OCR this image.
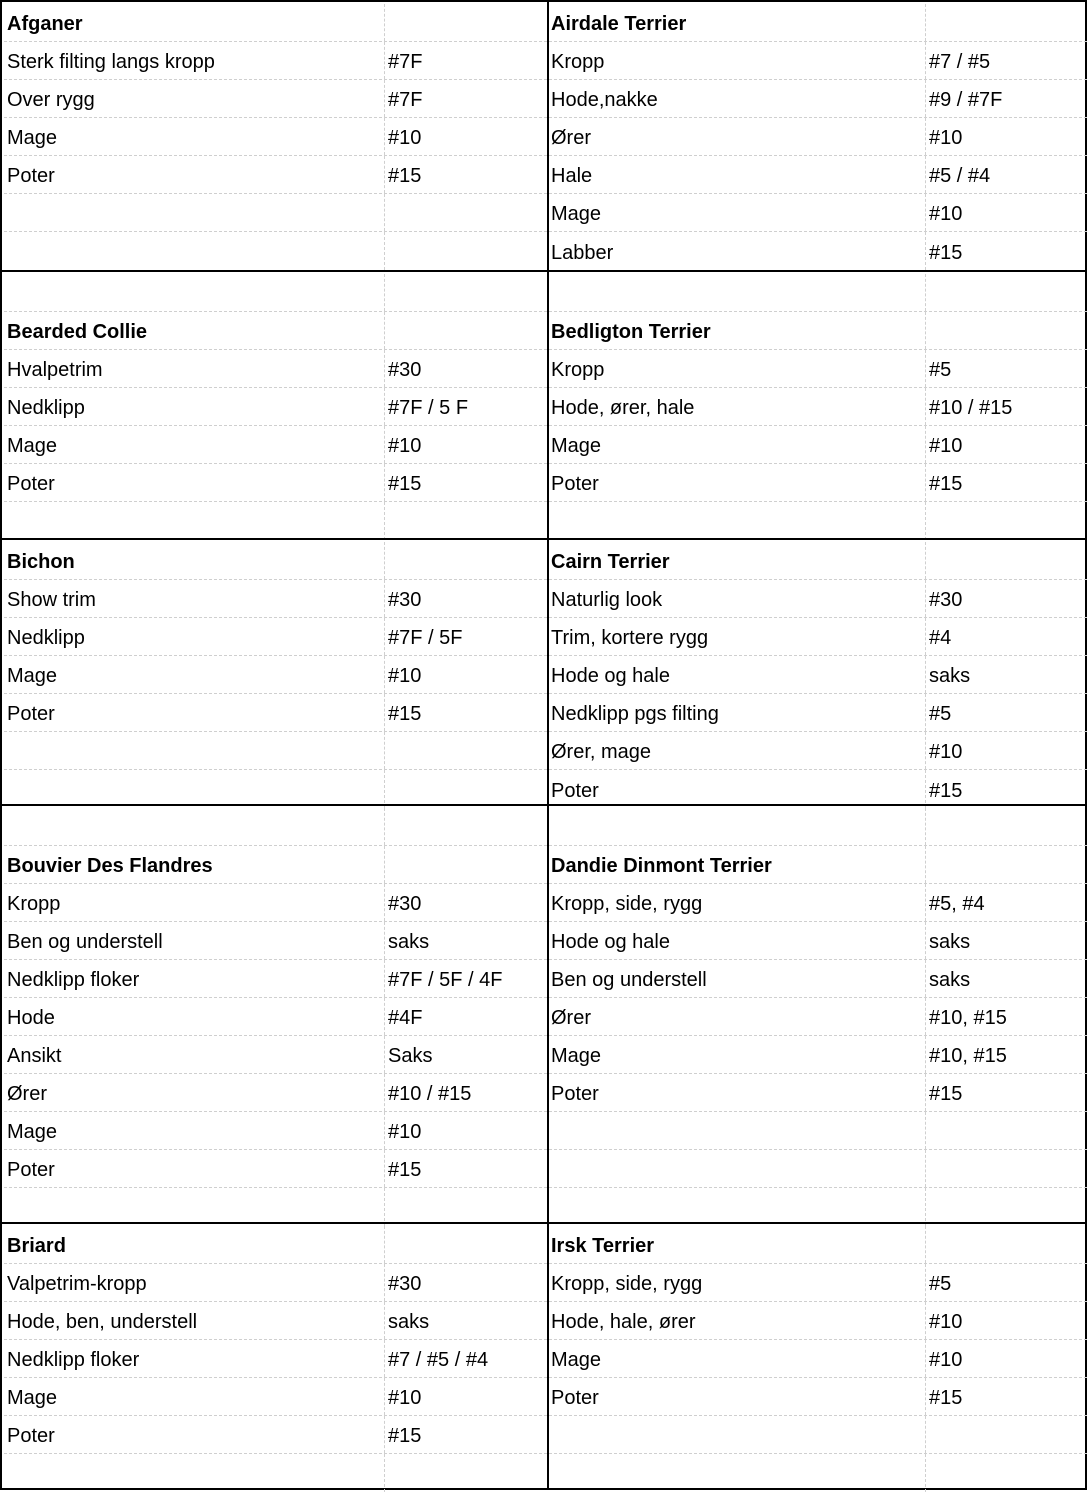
Afganer
Sterk filting langs kropp	#7F
Over rygg	#7F
Mage	#10
Poter	#15
Airdale Terrier
Kropp	#7 / #5
Hode,nakke	#9 / #7F
Ører	#10
Hale	#5 / #4
Mage	#10
Labber	#15
Bearded Collie
Hvalpetrim	#30
Nedklipp	#7F / 5 F
Mage	#10
Poter	#15
Bedligton Terrier
Kropp	#5
Hode, ører, hale	#10 / #15
Mage	#10
Poter	#15
Bichon
Show trim	#30
Nedklipp	#7F / 5F
Mage	#10
Poter	#15
Cairn Terrier
Naturlig look	#30
Trim, kortere rygg	#4
Hode og hale	saks
Nedklipp pgs filting	#5
Ører, mage	#10
Poter	#15
Bouvier Des Flandres
Kropp	#30
Ben og understell	saks
Nedklipp floker	#7F / 5F / 4F
Hode	#4F
Ansikt	Saks
Ører	#10 / #15
Mage	#10
Poter	#15
Dandie Dinmont Terrier
Kropp, side, rygg	#5, #4
Hode og hale	saks
Ben og understell	saks
Ører	#10, #15
Mage	#10, #15
Poter	#15
Briard
Valpetrim-kropp	#30
Hode, ben, understell	saks
Nedklipp floker	#7 / #5 / #4
Mage	#10
Poter	#15
Irsk Terrier
Kropp, side, rygg	#5
Hode, hale, ører	#10
Mage	#10
Poter	#15
